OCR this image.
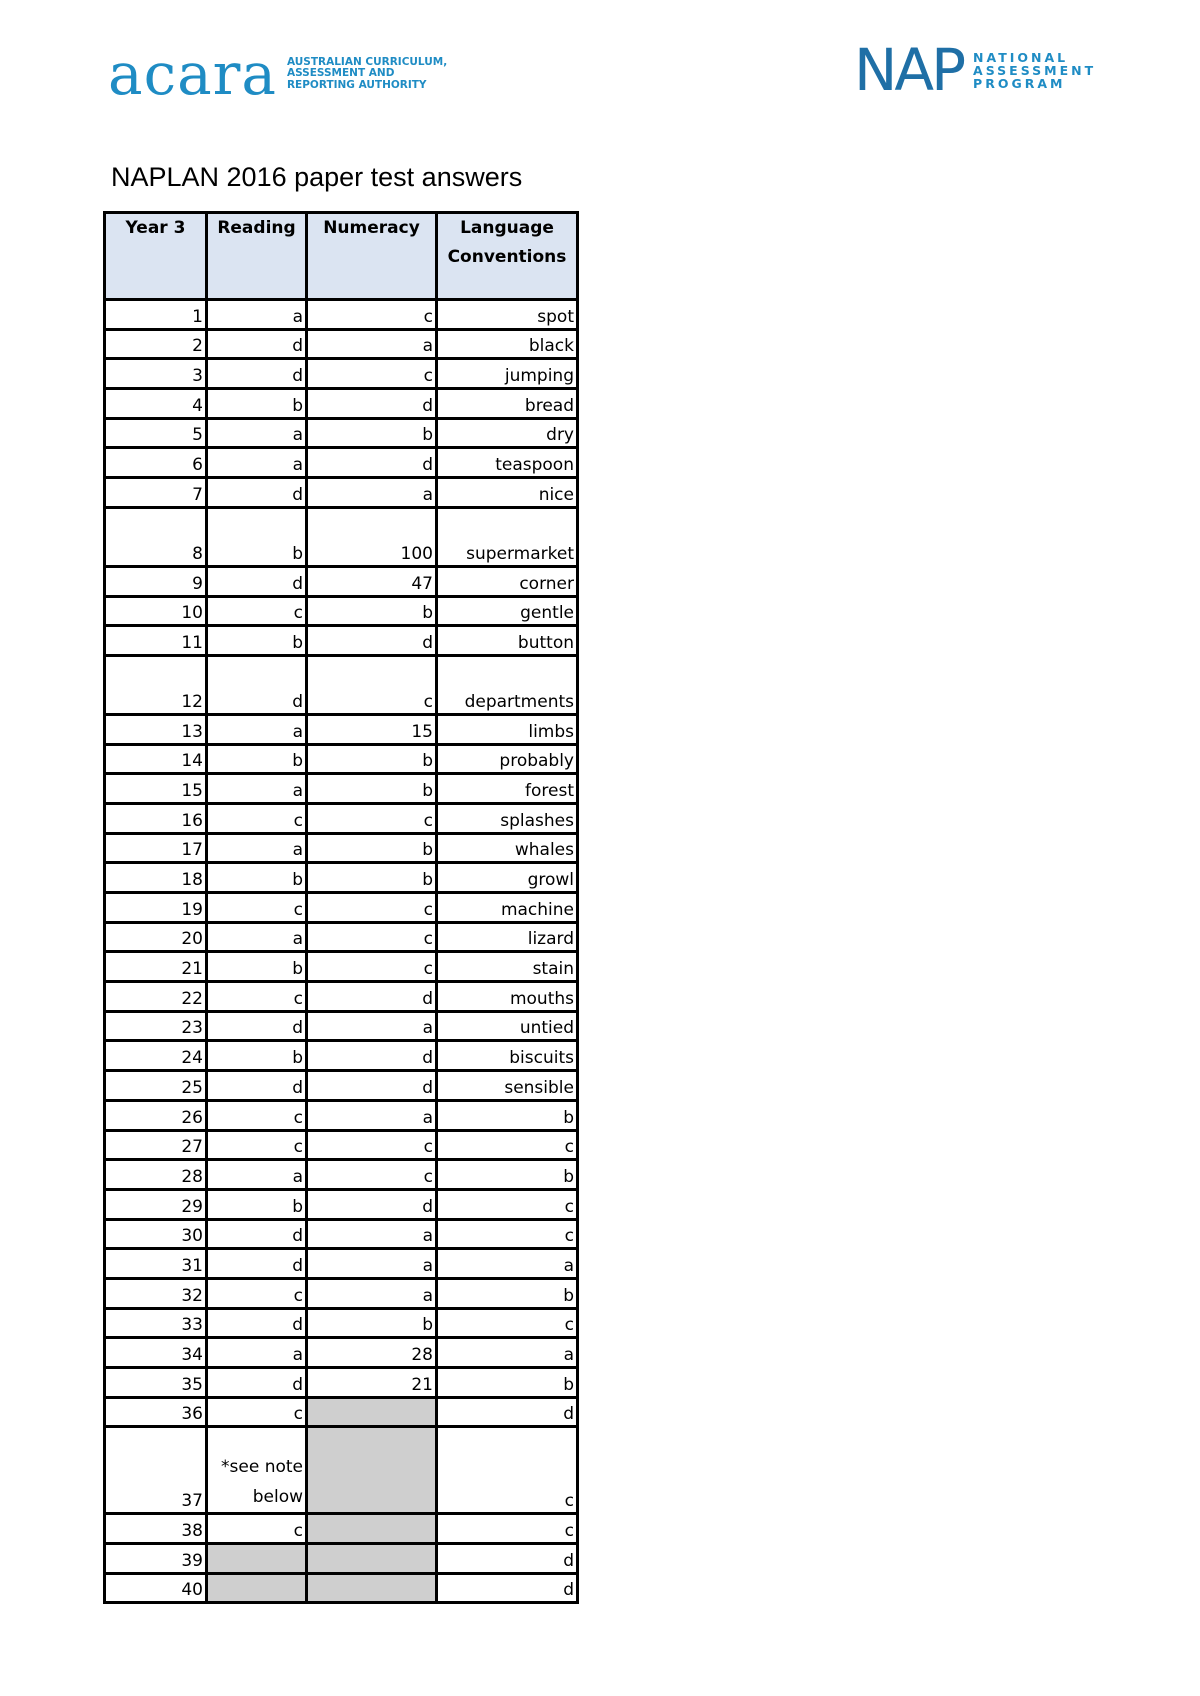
acara AUSTRALIAN CURRICULUM,
ASSESSMENT AND
REPORTING AUTHORITY	NAP NATIONAL
ASSESSMENT
PROGRAM
NAPLAN 2016 paper test answers
Year 3	Reading	Numeracy	Language Conventions
1	a	c	spot
2	d	a	black
3	d	c	jumping
4	b	d	bread
5	a	b	dry
6	a	d	teaspoon
7	d	a	nice
8	b	100	supermarket
9	d	47	corner
10	c	b	gentle
11	b	d	button
12	d	c	departments
13	a	15	limbs
14	b	b	probably
15	a	b	forest
16	c	c	splashes
17	a	b	whales
18	b	b	growl
19	c	c	machine
20	a	c	lizard
21	b	c	stain
22	c	d	mouths
23	d	a	untied
24	b	d	biscuits
25	d	d	sensible
26	c	a	b
27	c	c	c
28	a	c	b
29	b	d	c
30	d	a	c
31	d	a	a
32	c	a	b
33	d	b	c
34	a	28	a
35	d	21	b
36	c		d
37	*see note below		c
38	c		c
39			d
40			d
